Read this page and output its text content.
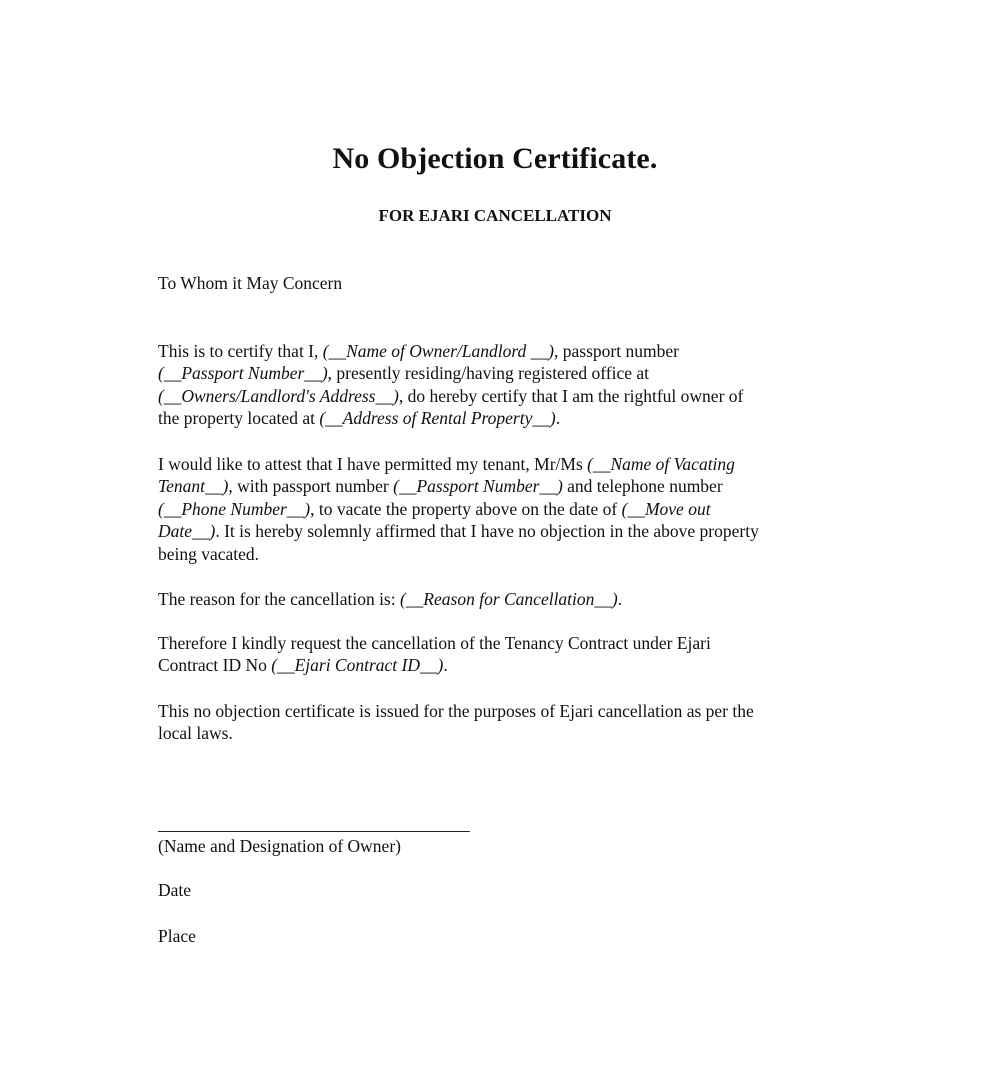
No Objection Certificate.
FOR EJARI CANCELLATION

To Whom it May Concern

This is to certify that I, (__Name of Owner/Landlord __), passport number
(__Passport Number__), presently residing/having registered office at
(__Owners/Landlord's Address__), do hereby certify that I am the rightful owner of
the property located at (__Address of Rental Property__).

I would like to attest that I have permitted my tenant, Mr/Ms (__Name of Vacating
Tenant__), with passport number (__Passport Number__) and telephone number
(__Phone Number__), to vacate the property above on the date of (__Move out
Date__). It is hereby solemnly affirmed that I have no objection in the above property
being vacated.

The reason for the cancellation is: (__Reason for Cancellation__).

Therefore I kindly request the cancellation of the Tenancy Contract under Ejari
Contract ID No (__Ejari Contract ID__).

This no objection certificate is issued for the purposes of Ejari cancellation as per the
local laws.

(Name and Designation of Owner)

Date

Place
